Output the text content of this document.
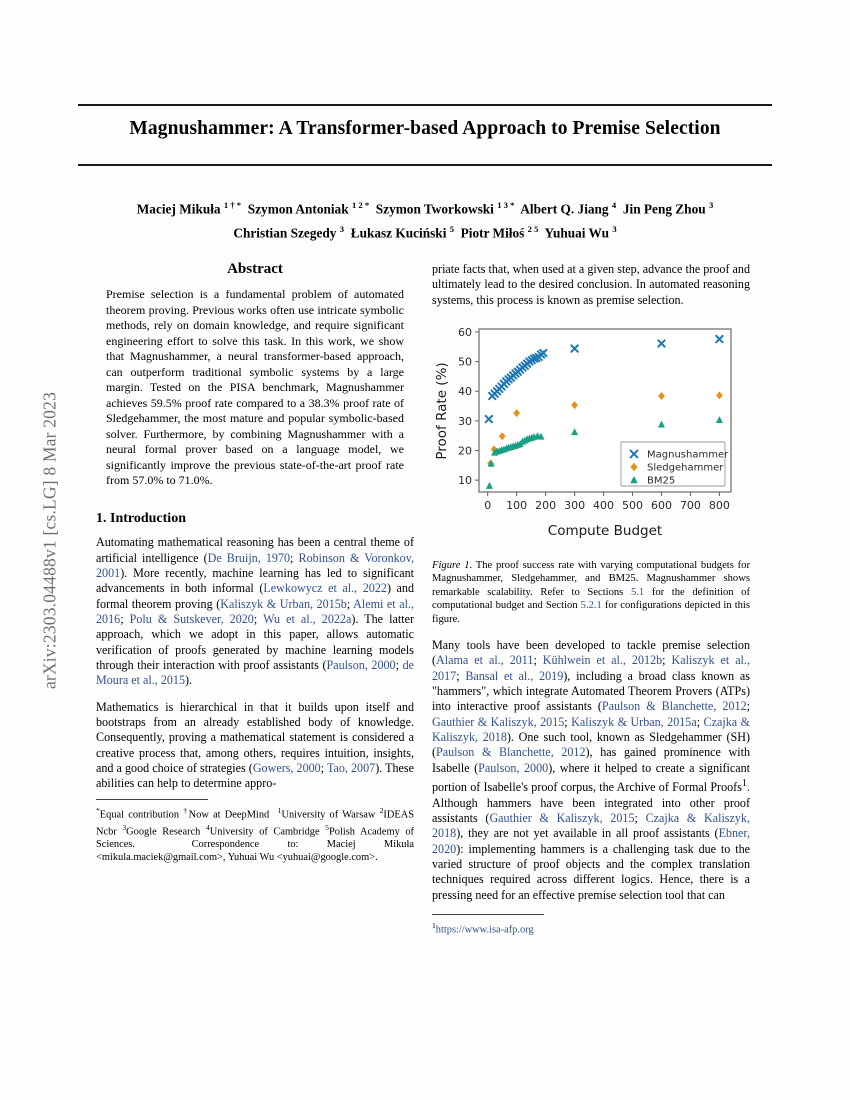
arXiv:2303.04488v1 [cs.LG] 8 Mar 2023
Magnushammer: A Transformer-based Approach to Premise Selection
Maciej Mikuła $^{1 \dagger *}$  Szymon Antoniak $^{1 2 *}$  Szymon Tworkowski $^{1 3 *}$  Albert Q. Jiang $^4$  Jin Peng Zhou $^3$
Christian Szegedy $^3$  Łukasz Kuciński $^5$  Piotr Miłoś $^{2 5}$  Yuhuai Wu $^3$
Abstract

Premise selection is a fundamental problem of automated theorem proving. Previous works often use intricate symbolic methods, rely on domain knowledge, and require significant engineering effort to solve this task. In this work, we show that Magnushammer, a neural transformer-based approach, can outperform traditional symbolic systems by a large margin. Tested on the PISA benchmark, Magnushammer achieves 59.5% proof rate compared to a 38.3% proof rate of Sledgehammer, the most mature and popular symbolic-based solver. Furthermore, by combining Magnushammer with a neural formal prover based on a language model, we significantly improve the previous state-of-the-art proof rate from 57.0% to 71.0%.

1. Introduction

Automating mathematical reasoning has been a central theme of artificial intelligence (De Bruijn, 1970; Robinson & Voronkov, 2001). More recently, machine learning has led to significant advancements in both informal (Lewkowycz et al., 2022) and formal theorem proving (Kaliszyk & Urban, 2015b; Alemi et al., 2016; Polu & Sutskever, 2020; Wu et al., 2022a). The latter approach, which we adopt in this paper, allows automatic verification of proofs generated by machine learning models through their interaction with proof assistants (Paulson, 2000; de Moura et al., 2015).

Mathematics is hierarchical in that it builds upon itself and bootstraps from an already established body of knowledge. Consequently, proving a mathematical statement is considered a creative process that, among others, requires intuition, insights, and a good choice of strategies (Gowers, 2000; Tao, 2007). These abilities can help to determine appro-

*Equal contribution †Now at DeepMind  $^1$University of Warsaw $^2$IDEAS Ncbr $^3$Google Research $^4$University of Cambridge $^5$Polish Academy of Sciences.  Correspondence to: Maciej Mikuła <mikula.maciek@gmail.com>, Yuhuai Wu <yuhuai@google.com>.

priate facts that, when used at a given step, advance the proof and ultimately lead to the desired conclusion. In automated reasoning systems, this process is known as premise selection.

10
20
30
40
50
60
0 100 200 300 400 500 600 700 800
Magnushammer
Sledgehammer
BM25
Compute Budget
Proof Rate (%)

Figure 1. The proof success rate with varying computational budgets for Magnushammer, Sledgehammer, and BM25. Magnushammer shows remarkable scalability. Refer to Sections 5.1 for the definition of computational budget and Section 5.2.1 for configurations depicted in this figure.

Many tools have been developed to tackle premise selection (Alama et al., 2011; Kühlwein et al., 2012b; Kaliszyk et al., 2017; Bansal et al., 2019), including a broad class known as "hammers", which integrate Automated Theorem Provers (ATPs) into interactive proof assistants (Paulson & Blanchette, 2012; Gauthier & Kaliszyk, 2015; Kaliszyk & Urban, 2015a; Czajka & Kaliszyk, 2018). One such tool, known as Sledgehammer (SH) (Paulson & Blanchette, 2012), has gained prominence with Isabelle (Paulson, 2000), where it helped to create a significant portion of Isabelle's proof corpus, the Archive of Formal Proofs$^1$. Although hammers have been integrated into other proof assistants (Gauthier & Kaliszyk, 2015; Czajka & Kaliszyk, 2018), they are not yet available in all proof assistants (Ebner, 2020): implementing hammers is a challenging task due to the varied structure of proof objects and the complex translation techniques required across different logics. Hence, there is a pressing need for an effective premise selection tool that can

$^1$https://www.isa-afp.org
